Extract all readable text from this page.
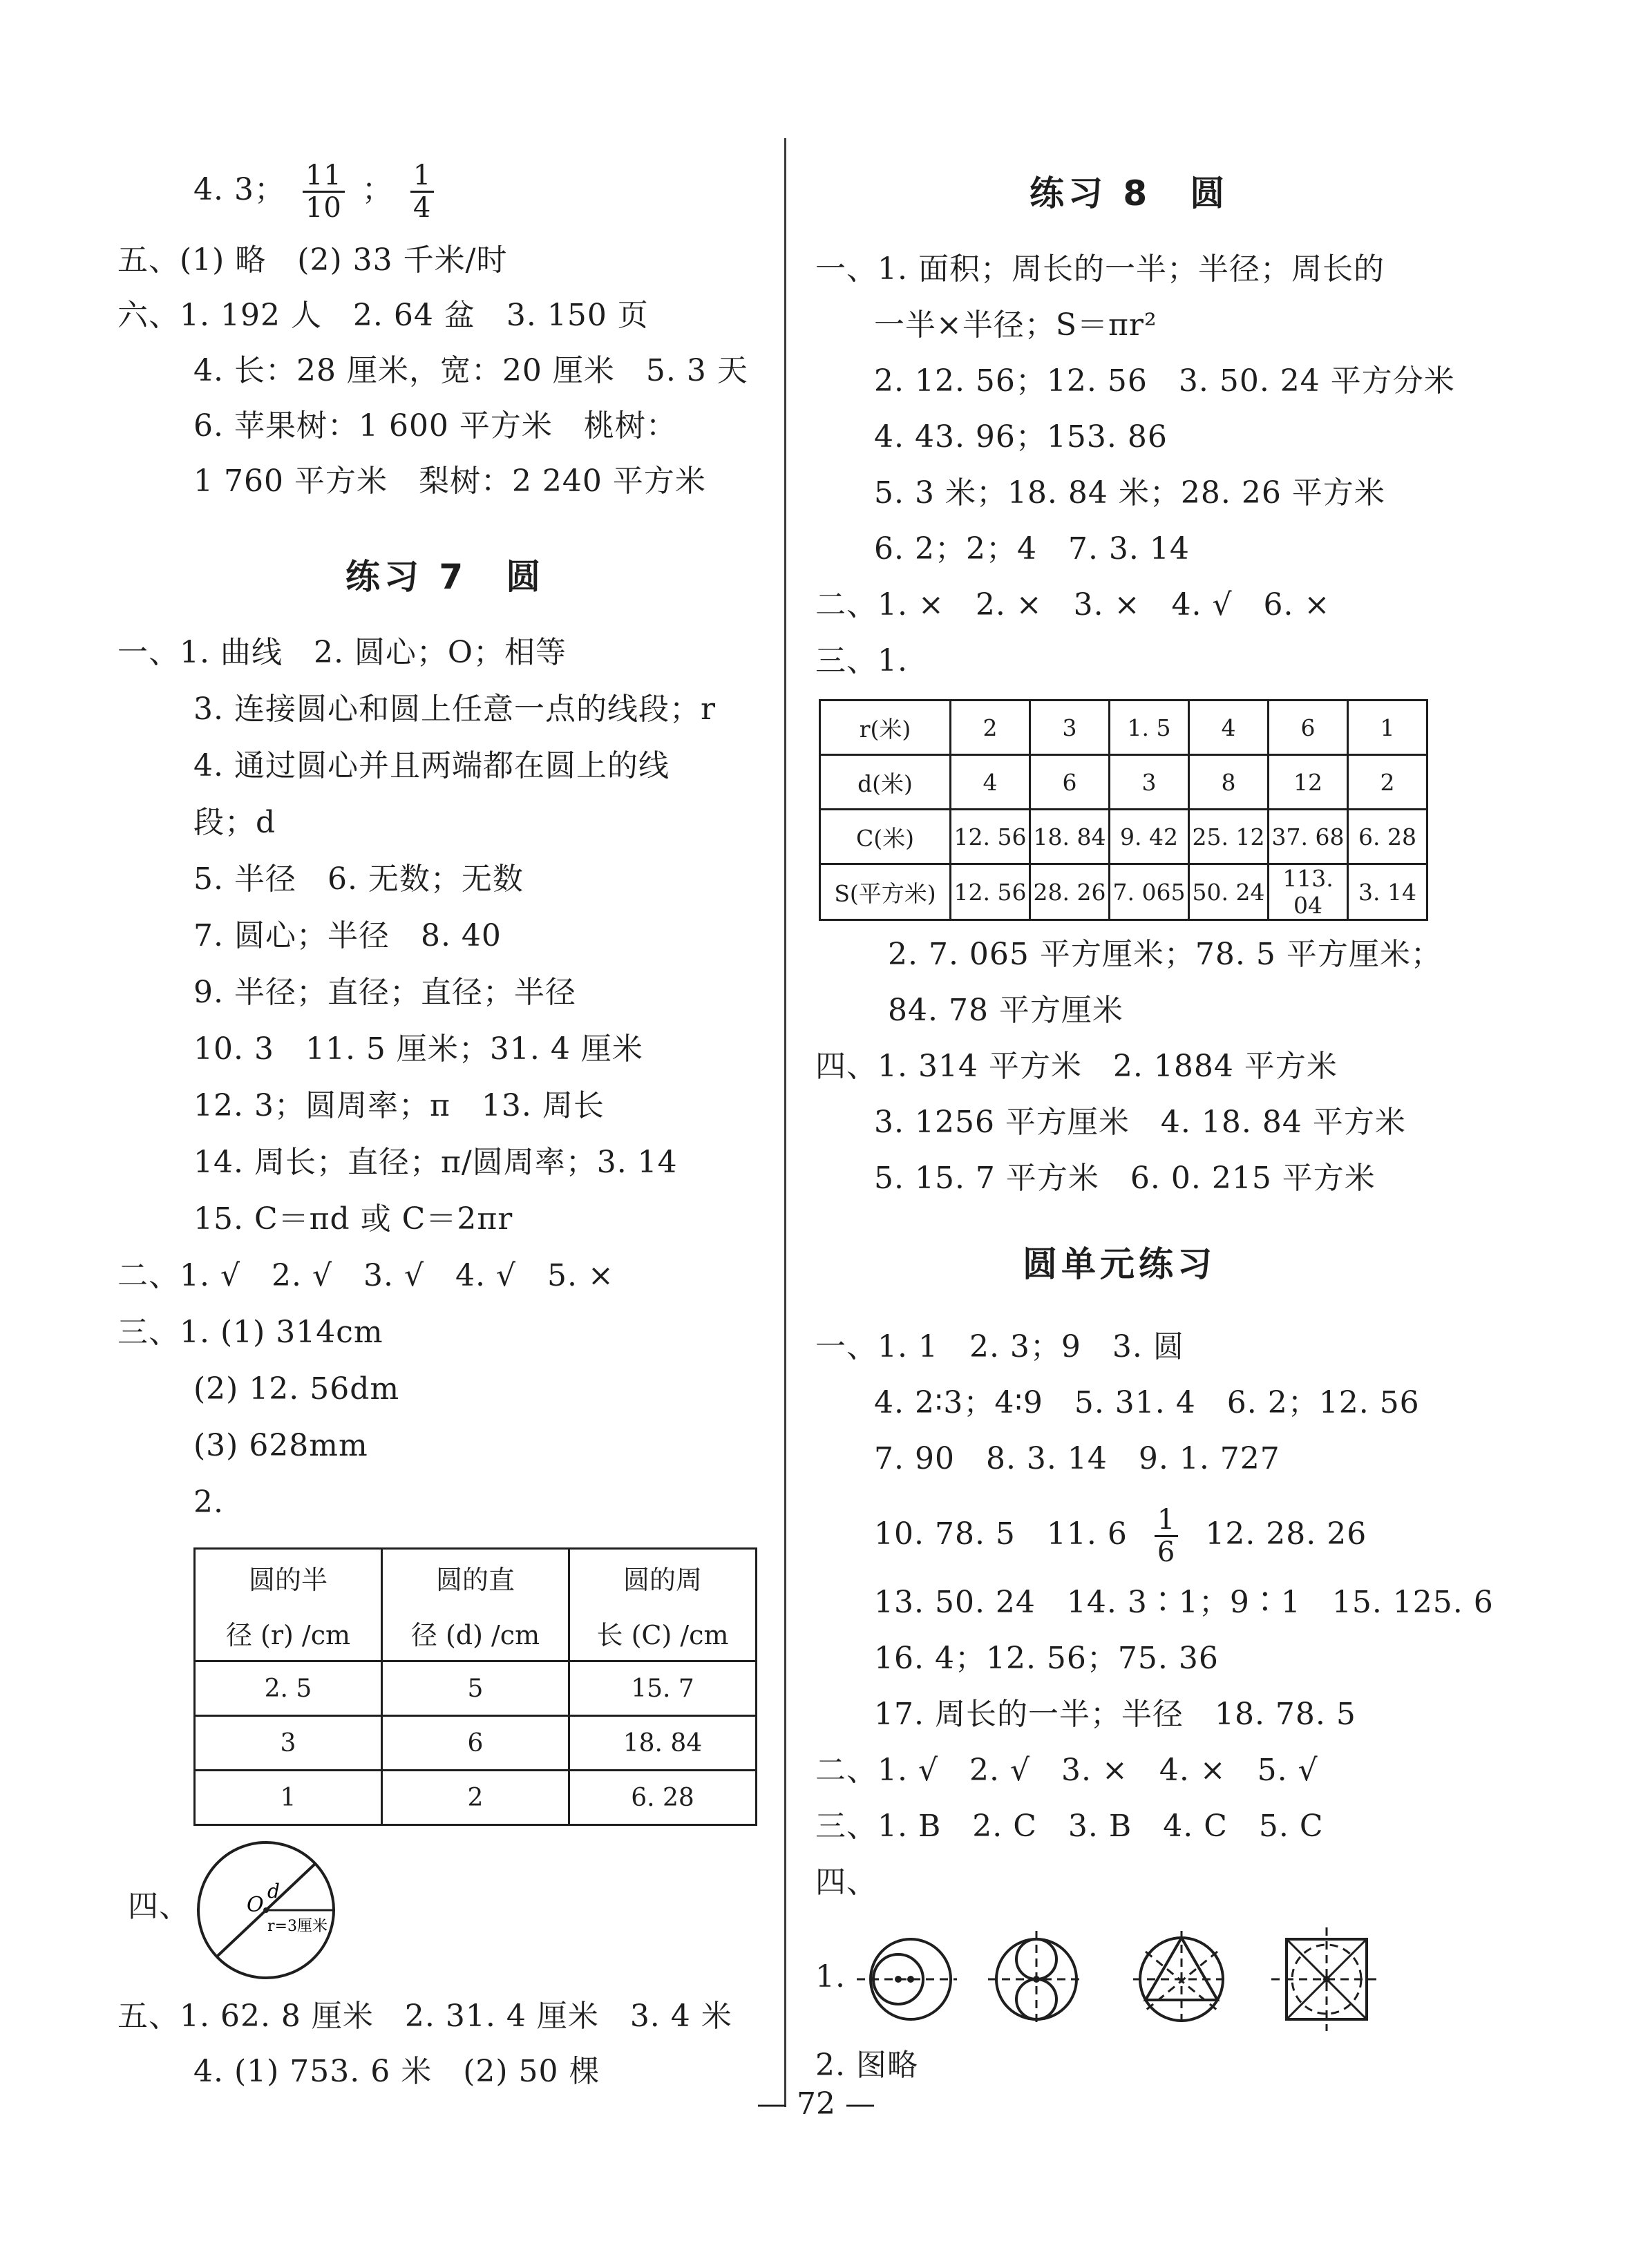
4. 3； $\frac{11}{10}$ ； $\frac{1}{4}$
五、(1) 略　(2) 33 千米/时
六、1. 192 人　2. 64 盆　3. 150 页
4. 长：28 厘米，宽：20 厘米　5. 3 天
6. 苹果树：1 600 平方米　桃树：
1 760 平方米　梨树：2 240 平方米
练习 7　圆
一、1. 曲线　2. 圆心；O；相等
3. 连接圆心和圆上任意一点的线段；r
4. 通过圆心并且两端都在圆上的线
段；d
5. 半径　6. 无数；无数
7. 圆心；半径　8. 40
9. 半径；直径；直径；半径
10. 3　11. 5 厘米；31. 4 厘米
12. 3；圆周率；π　13. 周长
14. 周长；直径；π/圆周率；3. 14
15. C＝πd 或 C＝2πr
二、1. √　2. √　3. √　4. √　5. ×
三、1. (1) 314cm
(2) 12. 56dm
(3) 628mm
2.
圆的半	圆的直	圆的周
径 (r) /cm	径 (d) /cm	长 (C) /cm
2. 5	5	15. 7
3	6	18. 84
1	2	6. 28
四、	O
d
r=3厘米
五、1. 62. 8 厘米　2. 31. 4 厘米　3. 4 米
4. (1) 753. 6 米　(2) 50 棵
练习 8　圆
一、1. 面积；周长的一半；半径；周长的
一半×半径；S＝πr²
2. 12. 56；12. 56　3. 50. 24 平方分米
4. 43. 96；153. 86
5. 3 米；18. 84 米；28. 26 平方米
6. 2；2；4　7. 3. 14
二、1. ×　2. ×　3. ×　4. √　6. ×
三、1.
r(米)	2	3	1. 5	4	6	1
d(米)	4	6	3	8	12	2
C(米)	12. 56	18. 84	9. 42	25. 12	37. 68	6. 28
S(平方米)	12. 56	28. 26	7. 065	50. 24	113. 04	3. 14
2. 7. 065 平方厘米；78. 5 平方厘米；
84. 78 平方厘米
四、1. 314 平方米　2. 1884 平方米
3. 1256 平方厘米　4. 18. 84 平方米
5. 15. 7 平方米　6. 0. 215 平方米
圆单元练习
一、1. 1　2. 3；9　3. 圆
4. 2∶3；4∶9　5. 31. 4　6. 2；12. 56
7. 90　8. 3. 14　9. 1. 727
10. 78. 5　11. $6 \frac{1}{6} 12$. 28. 26
13. 50. 24　14. 3∶1；9∶1　15. 125. 6
16. 4；12. 56；75. 36
17. 周长的一半；半径　18. 78. 5
二、1. √　2. √　3. ×　4. ×　5. √
三、1. B　2. C　3. B　4. C　5. C
四、
1.
2. 图略
— 72 —
